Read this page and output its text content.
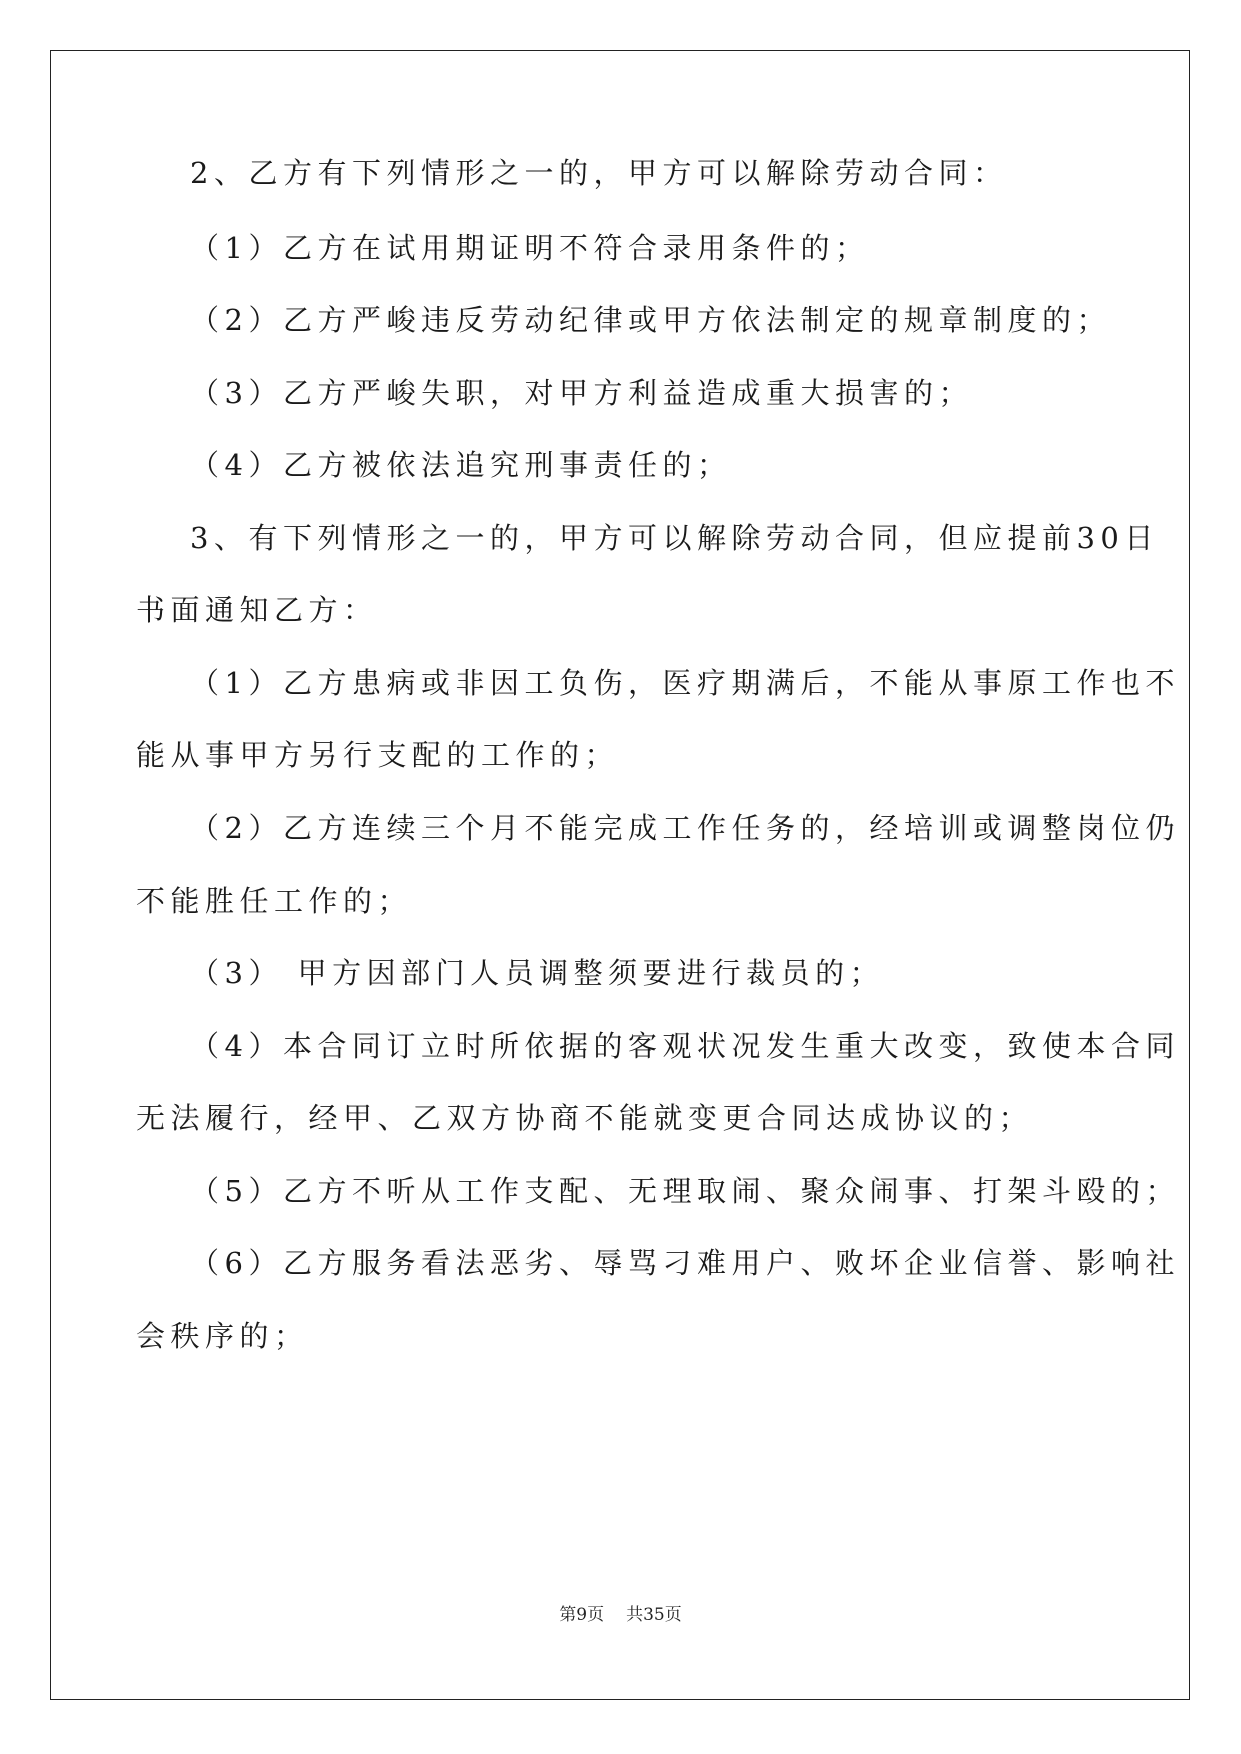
2、乙方有下列情形之一的，甲方可以解除劳动合同：
（1）乙方在试用期证明不符合录用条件的；
（2）乙方严峻违反劳动纪律或甲方依法制定的规章制度的；
（3）乙方严峻失职，对甲方利益造成重大损害的；
（4）乙方被依法追究刑事责任的；
3、有下列情形之一的，甲方可以解除劳动合同，但应提前30日
书面通知乙方：
（1）乙方患病或非因工负伤，医疗期满后，不能从事原工作也不
能从事甲方另行支配的工作的；
（2）乙方连续三个月不能完成工作任务的，经培训或调整岗位仍
不能胜任工作的；
（3） 甲方因部门人员调整须要进行裁员的；
（4）本合同订立时所依据的客观状况发生重大改变，致使本合同
无法履行，经甲、乙双方协商不能就变更合同达成协议的；
（5）乙方不听从工作支配、无理取闹、聚众闹事、打架斗殴的；
（6）乙方服务看法恶劣、辱骂刁难用户、败坏企业信誉、影响社
会秩序的；
第9页 共35页
